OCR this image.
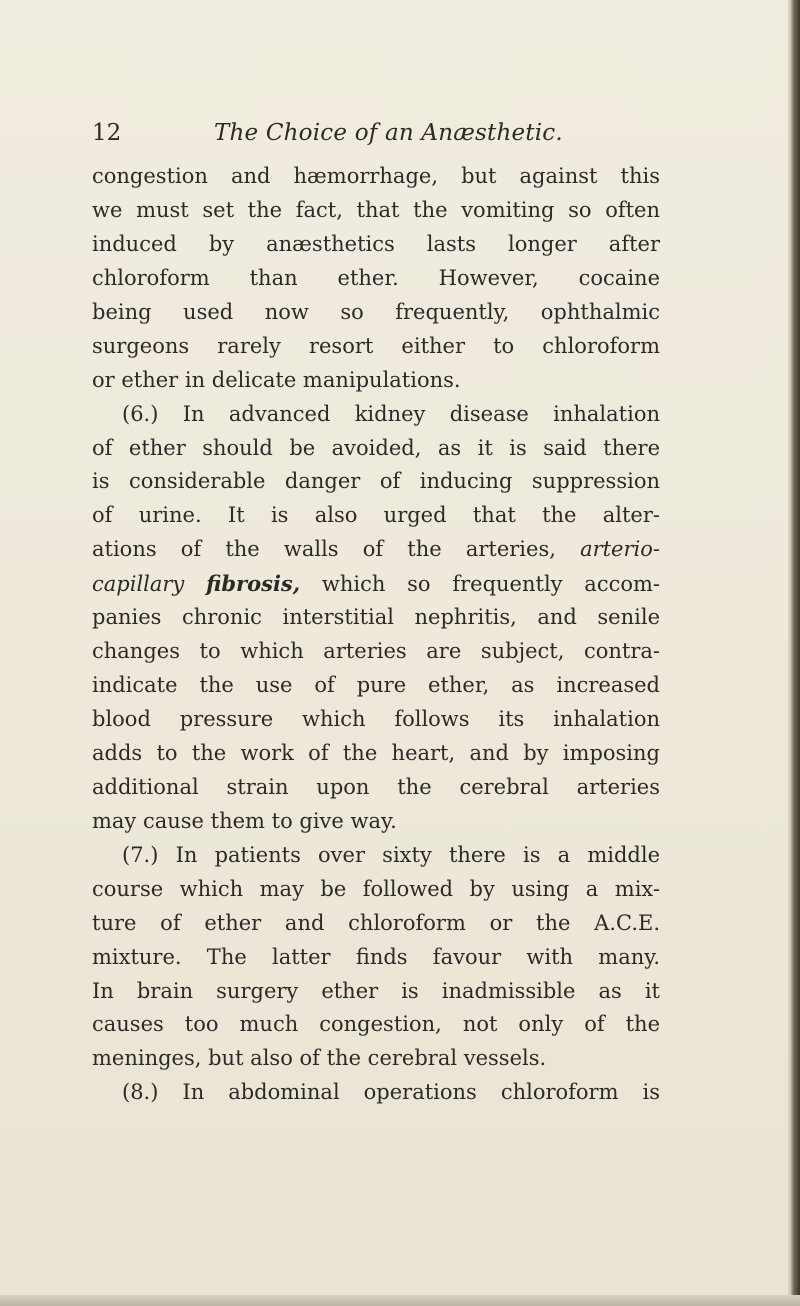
12	The Choice of an Anæsthetic.
congestion and hæmorrhage, but against this
we must set the fact, that the vomiting so often
induced by anæsthetics lasts longer after
chloroform than ether. However, cocaine
being used now so frequently, ophthalmic
surgeons rarely resort either to chloroform
or ether in delicate manipulations.
(6.) In advanced kidney disease inhalation
of ether should be avoided, as it is said there
is considerable danger of inducing suppression
of urine. It is also urged that the alter-
ations of the walls of the arteries, arterio-
capillary fibrosis, which so frequently accom-
panies chronic interstitial nephritis, and senile
changes to which arteries are subject, contra-
indicate the use of pure ether, as increased
blood pressure which follows its inhalation
adds to the work of the heart, and by imposing
additional strain upon the cerebral arteries
may cause them to give way.
(7.) In patients over sixty there is a middle
course which may be followed by using a mix-
ture of ether and chloroform or the A.C.E.
mixture. The latter finds favour with many.
In brain surgery ether is inadmissible as it
causes too much congestion, not only of the
meninges, but also of the cerebral vessels.
(8.) In abdominal operations chloroform is
